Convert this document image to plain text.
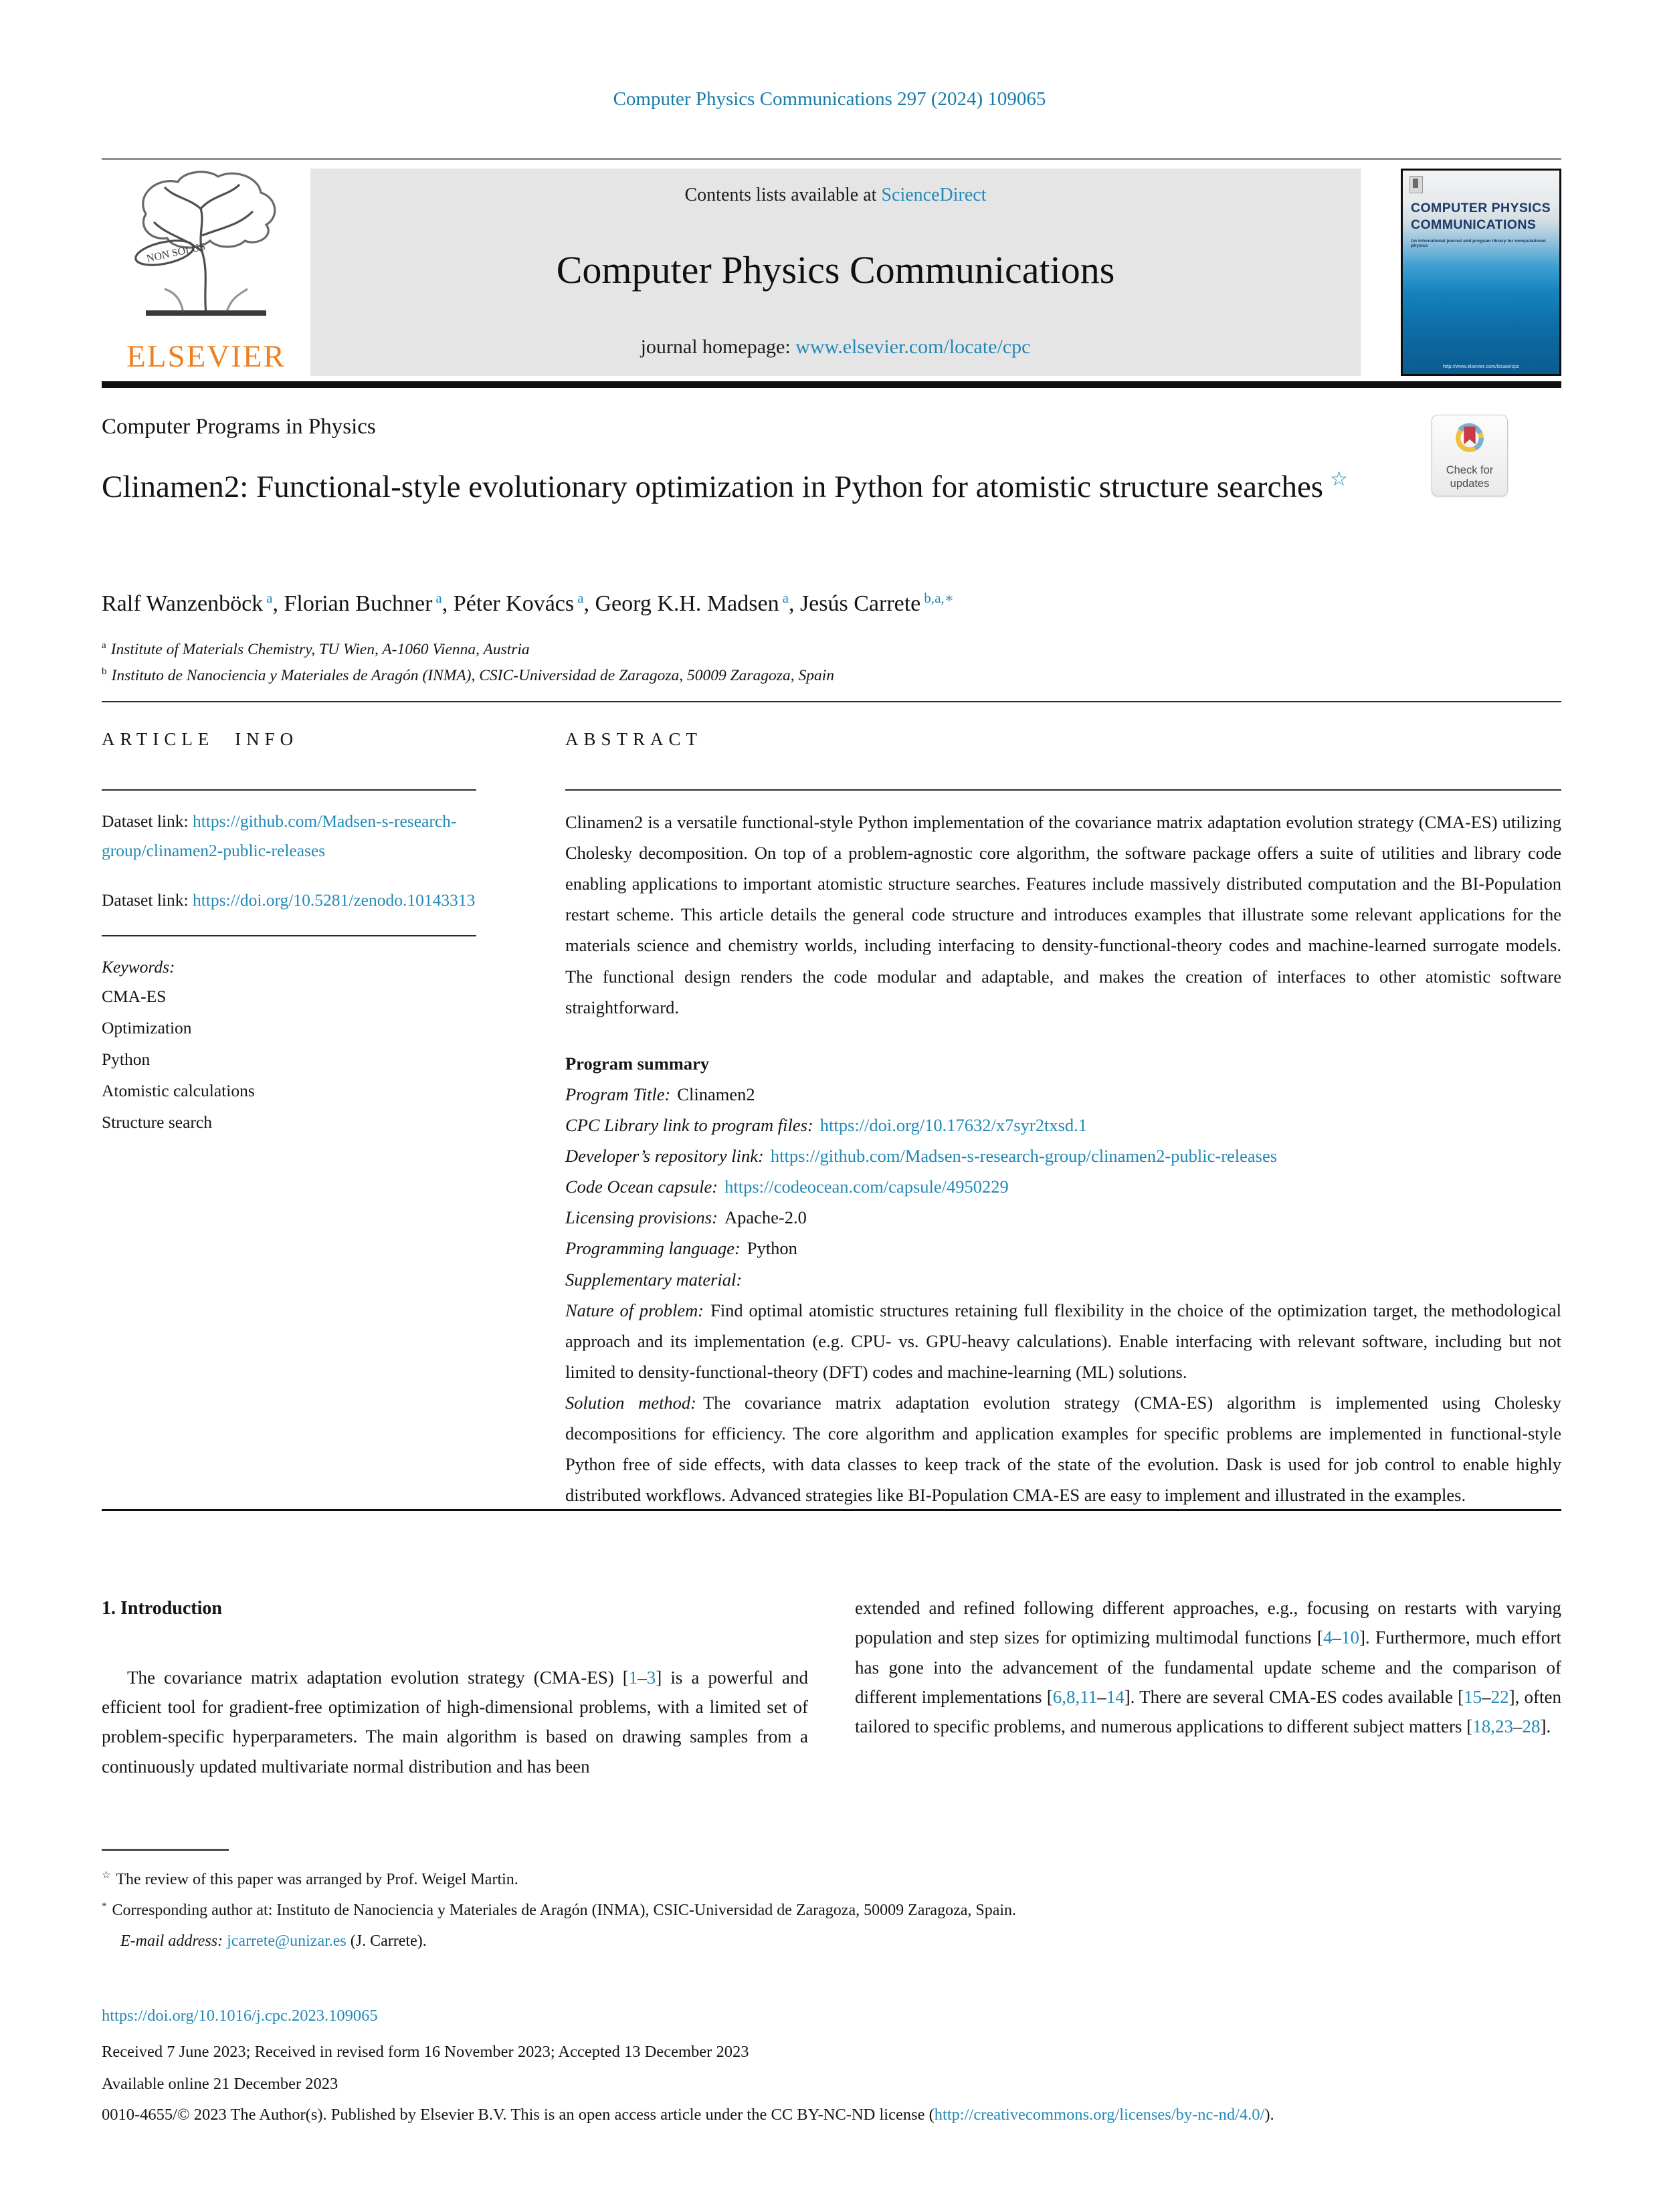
Computer Physics Communications 297 (2024) 109065
NON SOLUS
ELSEVIER
Contents lists available at ScienceDirect
Computer Physics Communications
journal homepage: www.elsevier.com/locate/cpc
COMPUTER PHYSICS
COMMUNICATIONS
An international journal and program library for computational physics
http://www.elsevier.com/locate/cpc
Computer Programs in Physics
Check for
updates
Clinamen2: Functional-style evolutionary optimization in Python for atomistic structure searches ☆
Ralf Wanzenböck $^a$, Florian Buchner $^a$, Péter Kovács $^a$, Georg K.H. Madsen $^a$, Jesús Carrete $^{b,a,∗}$
$^a$ Institute of Materials Chemistry, TU Wien, A-1060 Vienna, Austria
$^b$ Instituto de Nanociencia y Materiales de Aragón (INMA), CSIC-Universidad de Zaragoza, 50009 Zaragoza, Spain
ARTICLE INFO	ABSTRACT

Dataset link: https://github.com/Madsen-s-research-group/clinamen2-public-releases

Dataset link: https://doi.org/10.5281/zenodo.10143313

Keywords:

CMA-ES

Optimization

Python

Atomistic calculations

Structure search

Clinamen2 is a versatile functional-style Python implementation of the covariance matrix adaptation evolution strategy (CMA-ES) utilizing Cholesky decomposition. On top of a problem-agnostic core algorithm, the software package offers a suite of utilities and library code enabling applications to important atomistic structure searches. Features include massively distributed computation and the BI-Population restart scheme. This article details the general code structure and introduces examples that illustrate some relevant applications for the materials science and chemistry worlds, including interfacing to density-functional-theory codes and machine-learned surrogate models. The functional design renders the code modular and adaptable, and makes the creation of interfaces to other atomistic software straightforward.

Program summary

Program Title: Clinamen2

CPC Library link to program files: https://doi.org/10.17632/x7syr2txsd.1

Developer’s repository link: https://github.com/Madsen-s-research-group/clinamen2-public-releases

Code Ocean capsule: https://codeocean.com/capsule/4950229

Licensing provisions: Apache-2.0

Programming language: Python

Supplementary material:

Nature of problem: Find optimal atomistic structures retaining full flexibility in the choice of the optimization target, the methodological approach and its implementation (e.g. CPU- vs. GPU-heavy calculations). Enable interfacing with relevant software, including but not limited to density-functional-theory (DFT) codes and machine-learning (ML) solutions.

Solution method: The covariance matrix adaptation evolution strategy (CMA-ES) algorithm is implemented using Cholesky decompositions for efficiency. The core algorithm and application examples for specific problems are implemented in functional-style Python free of side effects, with data classes to keep track of the state of the evolution. Dask is used for job control to enable highly distributed workflows. Advanced strategies like BI-Population CMA-ES are easy to implement and illustrated in the examples.

1. Introduction

The covariance matrix adaptation evolution strategy (CMA-ES) [1–3] is a powerful and efficient tool for gradient-free optimization of high-dimensional problems, with a limited set of problem-specific hyperparameters. The main algorithm is based on drawing samples from a continuously updated multivariate normal distribution and has been

extended and refined following different approaches, e.g., focusing on restarts with varying population and step sizes for optimizing multimodal functions [4–10]. Furthermore, much effort has gone into the advancement of the fundamental update scheme and the comparison of different implementations [6,8,11–14]. There are several CMA-ES codes available [15–22], often tailored to specific problems, and numerous applications to different subject matters [18,23–28].

☆ The review of this paper was arranged by Prof. Weigel Martin.
* Corresponding author at: Instituto de Nanociencia y Materiales de Aragón (INMA), CSIC-Universidad de Zaragoza, 50009 Zaragoza, Spain.
E-mail address: jcarrete@unizar.es (J. Carrete).
https://doi.org/10.1016/j.cpc.2023.109065
Received 7 June 2023; Received in revised form 16 November 2023; Accepted 13 December 2023
Available online 21 December 2023
0010-4655/© 2023 The Author(s). Published by Elsevier B.V. This is an open access article under the CC BY-NC-ND license (http://creativecommons.org/licenses/by-nc-nd/4.0/).
